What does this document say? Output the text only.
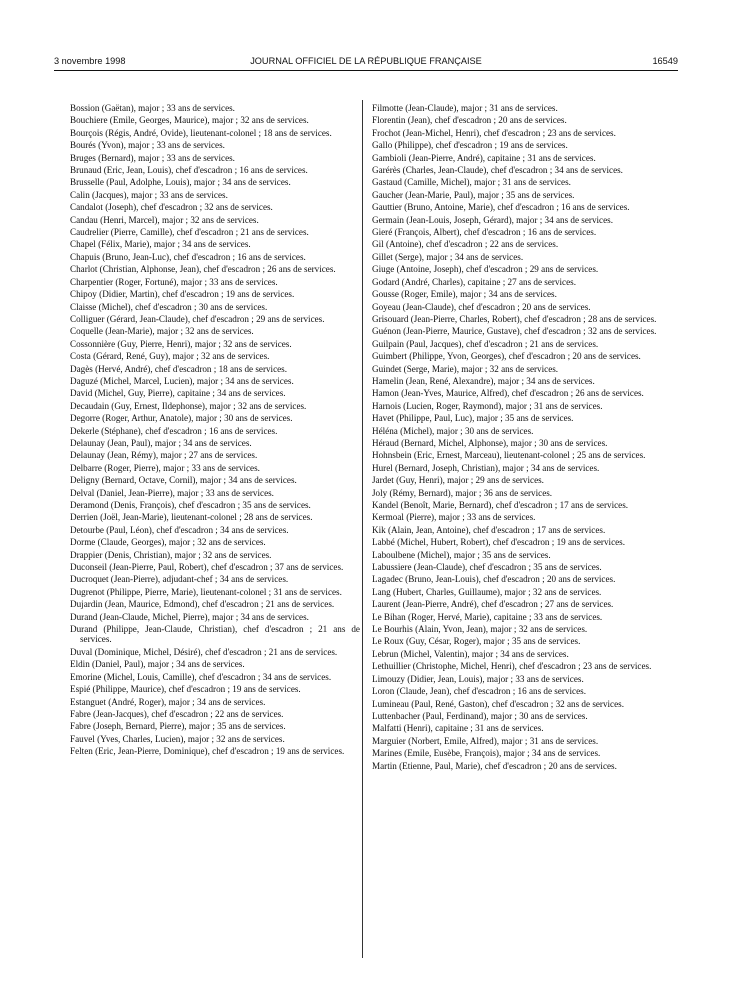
3 novembre 1998	JOURNAL OFFICIEL DE LA RÉPUBLIQUE FRANÇAISE	16549

Bossion (Gaëtan), major ; 33 ans de services.

Bouchiere (Emile, Georges, Maurice), major ; 32 ans de services.

Bourçois (Régis, André, Ovide), lieutenant-colonel ; 18 ans de services.

Bourés (Yvon), major ; 33 ans de services.

Bruges (Bernard), major ; 33 ans de services.

Brunaud (Eric, Jean, Louis), chef d'escadron ; 16 ans de services.

Brusselle (Paul, Adolphe, Louis), major ; 34 ans de services.

Calin (Jacques), major ; 33 ans de services.

Candalot (Joseph), chef d'escadron ; 32 ans de services.

Candau (Henri, Marcel), major ; 32 ans de services.

Caudrelier (Pierre, Camille), chef d'escadron ; 21 ans de services.

Chapel (Félix, Marie), major ; 34 ans de services.

Chapuis (Bruno, Jean-Luc), chef d'escadron ; 16 ans de services.

Charlot (Christian, Alphonse, Jean), chef d'escadron ; 26 ans de services.

Charpentier (Roger, Fortuné), major ; 33 ans de services.

Chipoy (Didier, Martin), chef d'escadron ; 19 ans de services.

Claisse (Michel), chef d'escadron ; 30 ans de services.

Colliguer (Gérard, Jean-Claude), chef d'escadron ; 29 ans de services.

Coquelle (Jean-Marie), major ; 32 ans de services.

Cossonnière (Guy, Pierre, Henri), major ; 32 ans de services.

Costa (Gérard, René, Guy), major ; 32 ans de services.

Dagès (Hervé, André), chef d'escadron ; 18 ans de services.

Daguzé (Michel, Marcel, Lucien), major ; 34 ans de services.

David (Michel, Guy, Pierre), capitaine ; 34 ans de services.

Decaudain (Guy, Ernest, Ildephonse), major ; 32 ans de services.

Degorre (Roger, Arthur, Anatole), major ; 30 ans de services.

Dekerle (Stéphane), chef d'escadron ; 16 ans de services.

Delaunay (Jean, Paul), major ; 34 ans de services.

Delaunay (Jean, Rémy), major ; 27 ans de services.

Delbarre (Roger, Pierre), major ; 33 ans de services.

Deligny (Bernard, Octave, Cornil), major ; 34 ans de services.

Delval (Daniel, Jean-Pierre), major ; 33 ans de services.

Deramond (Denis, François), chef d'escadron ; 35 ans de services.

Derrien (Joël, Jean-Marie), lieutenant-colonel ; 28 ans de services.

Detourbe (Paul, Léon), chef d'escadron ; 34 ans de services.

Dorme (Claude, Georges), major ; 32 ans de services.

Drappier (Denis, Christian), major ; 32 ans de services.

Duconseil (Jean-Pierre, Paul, Robert), chef d'escadron ; 37 ans de services.

Ducroquet (Jean-Pierre), adjudant-chef ; 34 ans de services.

Dugrenot (Philippe, Pierre, Marie), lieutenant-colonel ; 31 ans de services.

Dujardin (Jean, Maurice, Edmond), chef d'escadron ; 21 ans de services.

Durand (Jean-Claude, Michel, Pierre), major ; 34 ans de services.

Durand (Philippe, Jean-Claude, Christian), chef d'escadron ; 21 ans de services.

Duval (Dominique, Michel, Désiré), chef d'escadron ; 21 ans de services.

Eldin (Daniel, Paul), major ; 34 ans de services.

Emorine (Michel, Louis, Camille), chef d'escadron ; 34 ans de services.

Espié (Philippe, Maurice), chef d'escadron ; 19 ans de services.

Estanguet (André, Roger), major ; 34 ans de services.

Fabre (Jean-Jacques), chef d'escadron ; 22 ans de services.

Fabre (Joseph, Bernard, Pierre), major ; 35 ans de services.

Fauvel (Yves, Charles, Lucien), major ; 32 ans de services.

Felten (Eric, Jean-Pierre, Dominique), chef d'escadron ; 19 ans de services.

Filmotte (Jean-Claude), major ; 31 ans de services.

Florentin (Jean), chef d'escadron ; 20 ans de services.

Frochot (Jean-Michel, Henri), chef d'escadron ; 23 ans de services.

Gallo (Philippe), chef d'escadron ; 19 ans de services.

Gambioli (Jean-Pierre, André), capitaine ; 31 ans de services.

Garérès (Charles, Jean-Claude), chef d'escadron ; 34 ans de services.

Gastaud (Camille, Michel), major ; 31 ans de services.

Gaucher (Jean-Marie, Paul), major ; 35 ans de services.

Gauttier (Bruno, Antoine, Marie), chef d'escadron ; 16 ans de services.

Germain (Jean-Louis, Joseph, Gérard), major ; 34 ans de services.

Gieré (François, Albert), chef d'escadron ; 16 ans de services.

Gil (Antoine), chef d'escadron ; 22 ans de services.

Gillet (Serge), major ; 34 ans de services.

Giuge (Antoine, Joseph), chef d'escadron ; 29 ans de services.

Godard (André, Charles), capitaine ; 27 ans de services.

Gousse (Roger, Emile), major ; 34 ans de services.

Goyeau (Jean-Claude), chef d'escadron ; 20 ans de services.

Grisouard (Jean-Pierre, Charles, Robert), chef d'escadron ; 28 ans de services.

Guénon (Jean-Pierre, Maurice, Gustave), chef d'escadron ; 32 ans de services.

Guilpain (Paul, Jacques), chef d'escadron ; 21 ans de services.

Guimbert (Philippe, Yvon, Georges), chef d'escadron ; 20 ans de services.

Guindet (Serge, Marie), major ; 32 ans de services.

Hamelin (Jean, René, Alexandre), major ; 34 ans de services.

Hamon (Jean-Yves, Maurice, Alfred), chef d'escadron ; 26 ans de services.

Harnois (Lucien, Roger, Raymond), major ; 31 ans de services.

Havet (Philippe, Paul, Luc), major ; 35 ans de services.

Héléna (Michel), major ; 30 ans de services.

Héraud (Bernard, Michel, Alphonse), major ; 30 ans de services.

Hohnsbein (Eric, Ernest, Marceau), lieutenant-colonel ; 25 ans de services.

Hurel (Bernard, Joseph, Christian), major ; 34 ans de services.

Jardet (Guy, Henri), major ; 29 ans de services.

Joly (Rémy, Bernard), major ; 36 ans de services.

Kandel (Benoît, Marie, Bernard), chef d'escadron ; 17 ans de services.

Kermoal (Pierre), major ; 33 ans de services.

Kik (Alain, Jean, Antoine), chef d'escadron ; 17 ans de services.

Labbé (Michel, Hubert, Robert), chef d'escadron ; 19 ans de services.

Laboulbene (Michel), major ; 35 ans de services.

Labussiere (Jean-Claude), chef d'escadron ; 35 ans de services.

Lagadec (Bruno, Jean-Louis), chef d'escadron ; 20 ans de services.

Lang (Hubert, Charles, Guillaume), major ; 32 ans de services.

Laurent (Jean-Pierre, André), chef d'escadron ; 27 ans de services.

Le Bihan (Roger, Hervé, Marie), capitaine ; 33 ans de services.

Le Bourhis (Alain, Yvon, Jean), major ; 32 ans de services.

Le Roux (Guy, César, Roger), major ; 35 ans de services.

Lebrun (Michel, Valentin), major ; 34 ans de services.

Lethuillier (Christophe, Michel, Henri), chef d'escadron ; 23 ans de services.

Limouzy (Didier, Jean, Louis), major ; 33 ans de services.

Loron (Claude, Jean), chef d'escadron ; 16 ans de services.

Lumineau (Paul, René, Gaston), chef d'escadron ; 32 ans de services.

Luttenbacher (Paul, Ferdinand), major ; 30 ans de services.

Malfatti (Henri), capitaine ; 31 ans de services.

Marguier (Norbert, Emile, Alfred), major ; 31 ans de services.

Marines (Emile, Eusèbe, François), major ; 34 ans de services.

Martin (Etienne, Paul, Marie), chef d'escadron ; 20 ans de services.
